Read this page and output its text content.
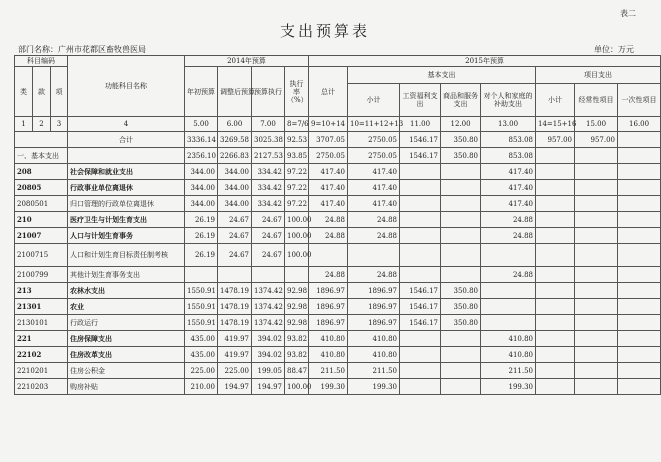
表二
支出预算表
部门名称：广州市花都区畜牧兽医局	单位：万元
科目编码			功能科目名称	2014年预算				2015年预算							
类	款	项													
				年初预算	调整后预算	预算执行	执行率（%）	总计	基本支出				项目支出		
									小计	工资福利支出	商品和服务支出	对个人和家庭的补助支出	小计	经常性项目	一次性项目
1	2	3	4	5.00	6.00	7.00	8=7/6	9=10+14	10=11+12+13	11.00	12.00	13.00	14=15+16	15.00	16.00
			合计	3336.14	3269.58	3025.38	92.53	3707.05	2750.05	1546.17	350.80	853.08	957.00	957.00	
一、基本支出				2356.10	2266.83	2127.53	93.85	2750.05	2750.05	1546.17	350.80	853.08			
208			社会保障和就业支出	344.00	344.00	334.42	97.22	417.40	417.40			417.40			
20805			行政事业单位离退休	344.00	344.00	334.42	97.22	417.40	417.40			417.40			
2080501			归口管理的行政单位离退休	344.00	344.00	334.42	97.22	417.40	417.40			417.40			
210			医疗卫生与计划生育支出	26.19	24.67	24.67	100.00	24.88	24.88			24.88			
21007			人口与计划生育事务	26.19	24.67	24.67	100.00	24.88	24.88			24.88			
2100715			人口和计划生育目标责任制考核	26.19	24.67	24.67	100.00								
2100799			其他计划生育事务支出					24.88	24.88			24.88			
213			农林水支出	1550.91	1478.19	1374.42	92.98	1896.97	1896.97	1546.17	350.80				
21301			农业	1550.91	1478.19	1374.42	92.98	1896.97	1896.97	1546.17	350.80				
2130101			行政运行	1550.91	1478.19	1374.42	92.98	1896.97	1896.97	1546.17	350.80				
221			住房保障支出	435.00	419.97	394.02	93.82	410.80	410.80			410.80			
22102			住房改革支出	435.00	419.97	394.02	93.82	410.80	410.80			410.80			
2210201			住房公积金	225.00	225.00	199.05	88.47	211.50	211.50			211.50			
2210203			购房补贴	210.00	194.97	194.97	100.00	199.30	199.30			199.30			
